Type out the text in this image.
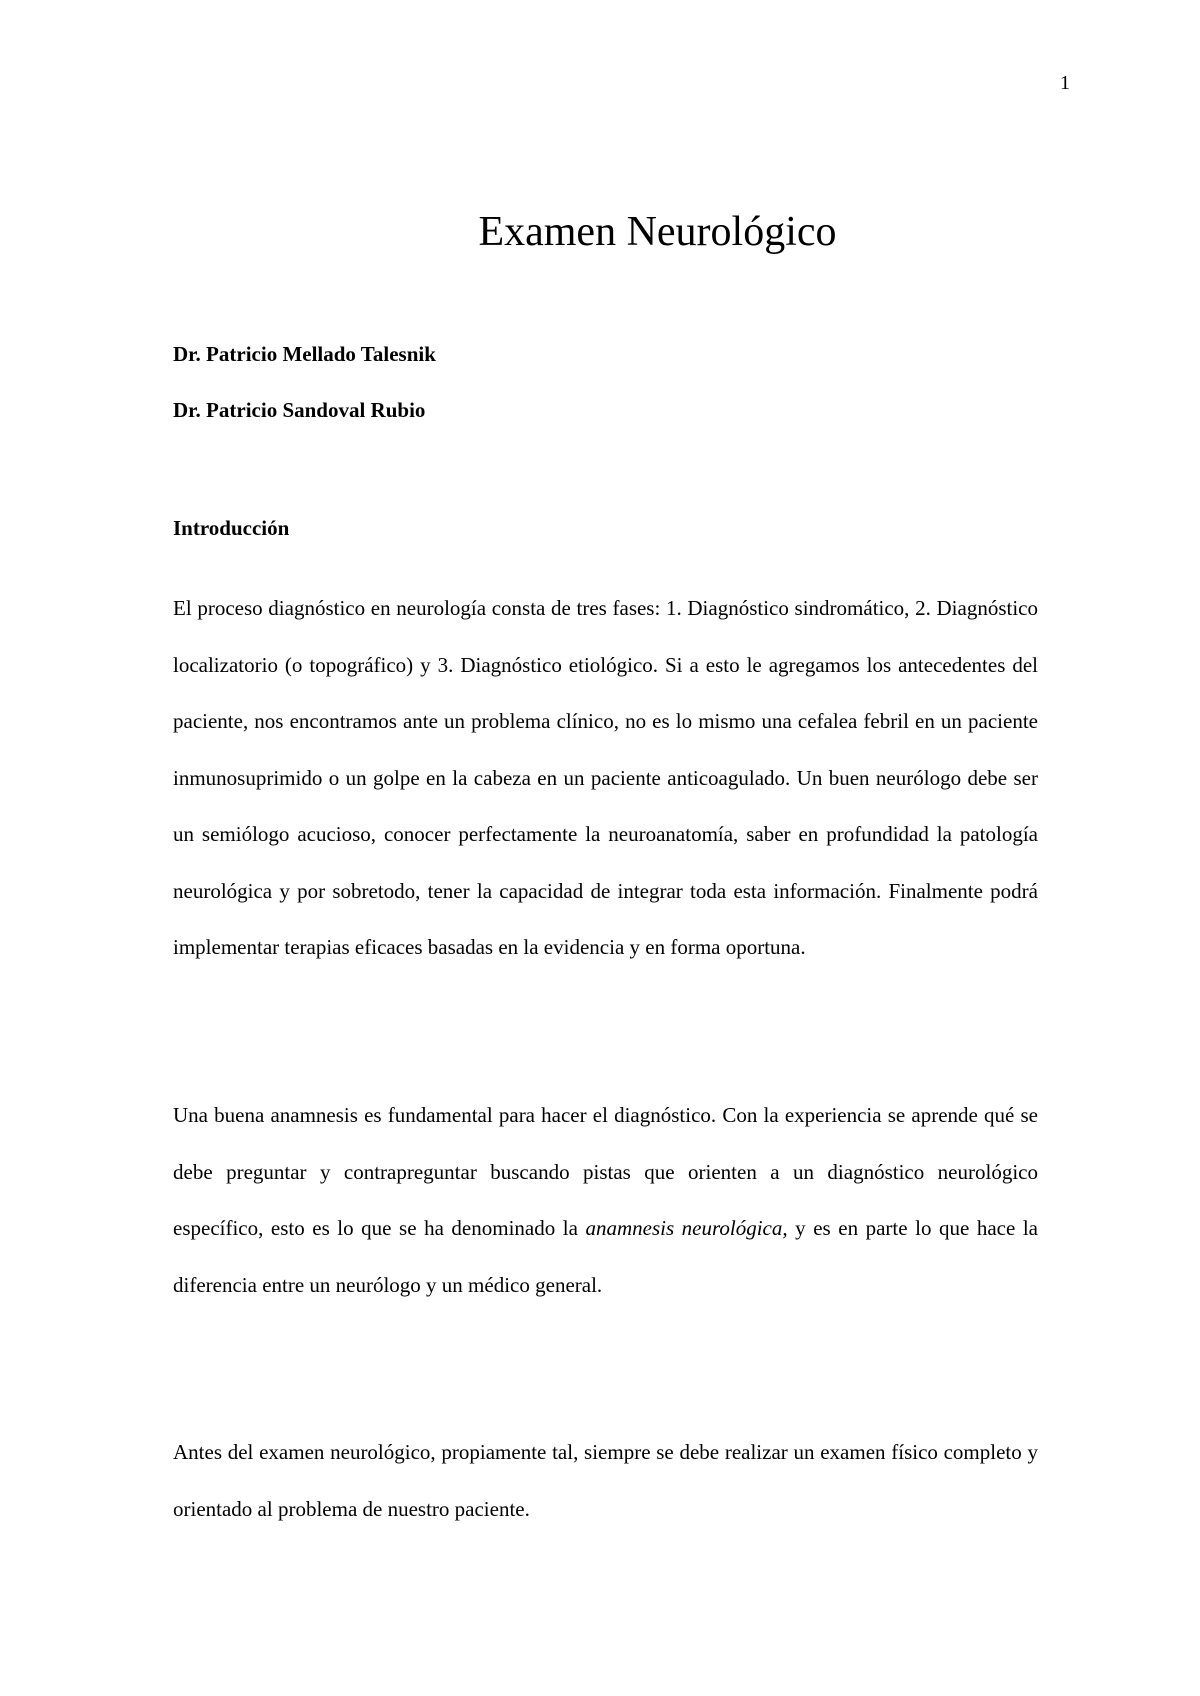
1
Examen Neurológico
Dr. Patricio Mellado Talesnik
Dr. Patricio Sandoval Rubio
Introducción

El proceso diagnóstico en neurología consta de tres fases: 1. Diagnóstico sindromático, 2. Diagnóstico localizatorio (o topográfico) y 3. Diagnóstico etiológico. Si a esto le agregamos los antecedentes del paciente, nos encontramos ante un problema clínico, no es lo mismo una cefalea febril en un paciente inmunosuprimido o un golpe en la cabeza en un paciente anticoagulado. Un buen neurólogo debe ser un semiólogo acucioso, conocer perfectamente la neuroanatomía, saber en profundidad la patología neurológica y por sobretodo, tener la capacidad de integrar toda esta información. Finalmente podrá implementar terapias eficaces basadas en la evidencia y en forma oportuna.

Una buena anamnesis es fundamental para hacer el diagnóstico. Con la experiencia se aprende qué se debe preguntar y contrapreguntar buscando pistas que orienten a un diagnóstico neurológico específico, esto es lo que se ha denominado la anamnesis neurológica, y es en parte lo que hace la diferencia entre un neurólogo y un médico general.

Antes del examen neurológico, propiamente tal, siempre se debe realizar un examen físico completo y orientado al problema de nuestro paciente.
